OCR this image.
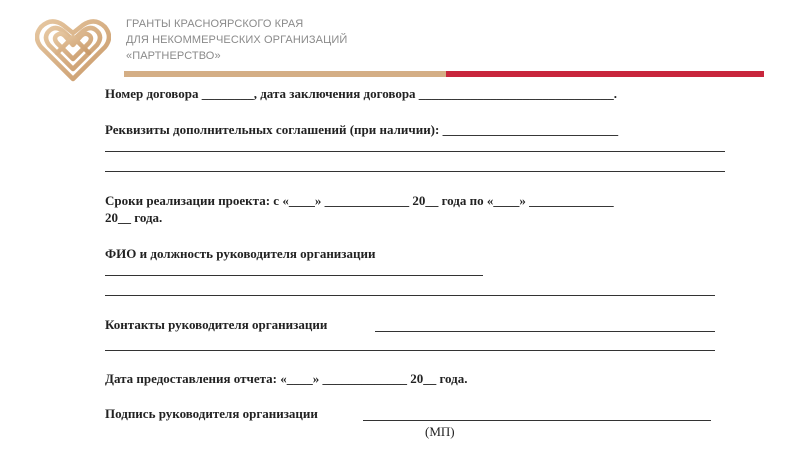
ГРАНТЫ КРАСНОЯРСКОГО КРАЯ
ДЛЯ НЕКОММЕРЧЕСКИХ ОРГАНИЗАЦИЙ
«ПАРТНЕРСТВО»
Номер договора ________, дата заключения договора ______________________________.
Реквизиты дополнительных соглашений (при наличии): ___________________________
Сроки реализации проекта: с «____» _____________ 20__ года по «____» _____________
20__ года.
ФИО и должность руководителя организации
Контакты руководителя организации
Дата предоставления отчета: «____» _____________ 20__ года.
Подпись руководителя организации
(МП)
